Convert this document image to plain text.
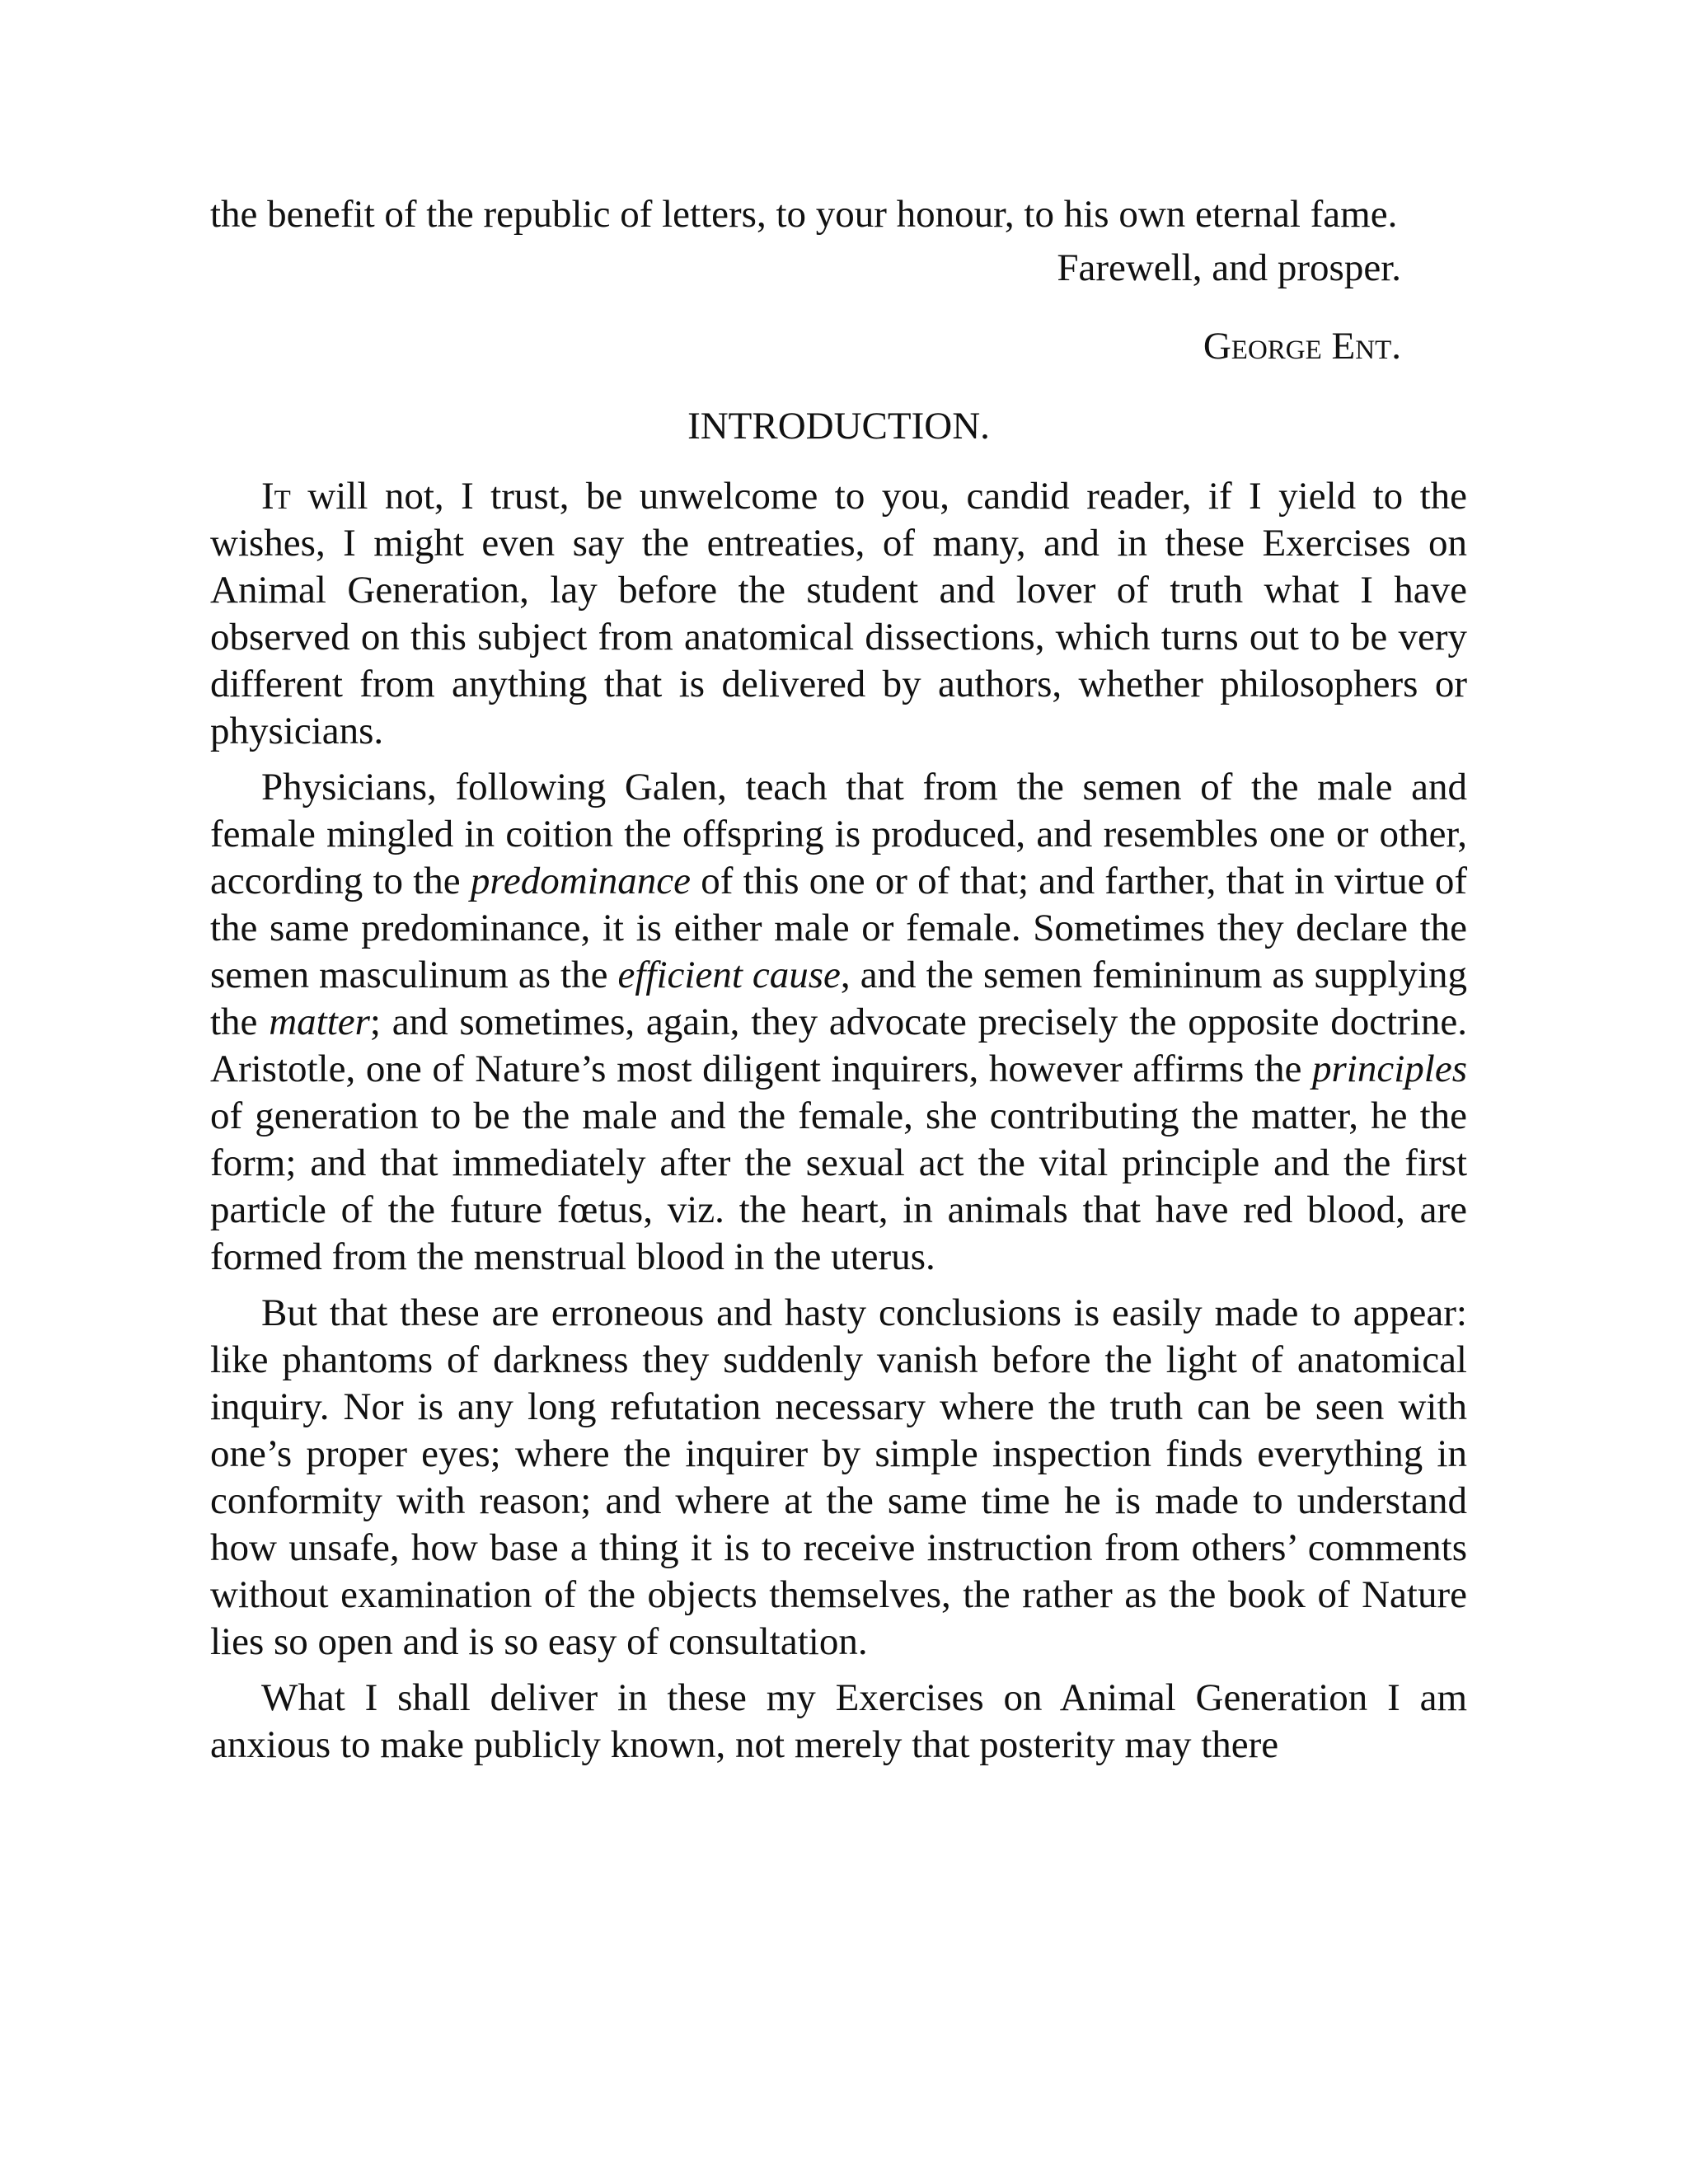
the benefit of the republic of letters, to your honour, to his own eternal fame.

Farewell, and prosper.

George Ent.

INTRODUCTION.

It will not, I trust, be unwelcome to you, candid reader, if I yield to the wishes, I might even say the entreaties, of many, and in these Exercises on Animal Generation, lay before the student and lover of truth what I have observed on this subject from anatomical dissections, which turns out to be very different from anything that is delivered by authors, whether philosophers or physicians.

Physicians, following Galen, teach that from the semen of the male and female mingled in coition the offspring is produced, and resembles one or other, according to the predominance of this one or of that; and farther, that in virtue of the same predominance, it is either male or female. Sometimes they declare the semen masculinum as the efficient cause, and the semen femininum as supplying the matter; and sometimes, again, they advocate precisely the opposite doctrine. Aristotle, one of Nature’s most diligent inquirers, however affirms the principles of generation to be the male and the female, she contributing the matter, he the form; and that immediately after the sexual act the vital principle and the first particle of the future fœtus, viz. the heart, in animals that have red blood, are formed from the menstrual blood in the uterus.

But that these are erroneous and hasty conclusions is easily made to appear: like phantoms of darkness they suddenly vanish before the light of anatomical inquiry. Nor is any long refutation necessary where the truth can be seen with one’s proper eyes; where the inquirer by simple inspection finds everything in conformity with reason; and where at the same time he is made to understand how unsafe, how base a thing it is to receive instruction from others’ comments without examination of the objects themselves, the rather as the book of Nature lies so open and is so easy of consultation.

What I shall deliver in these my Exercises on Animal Generation I am anxious to make publicly known, not merely that posterity may there
